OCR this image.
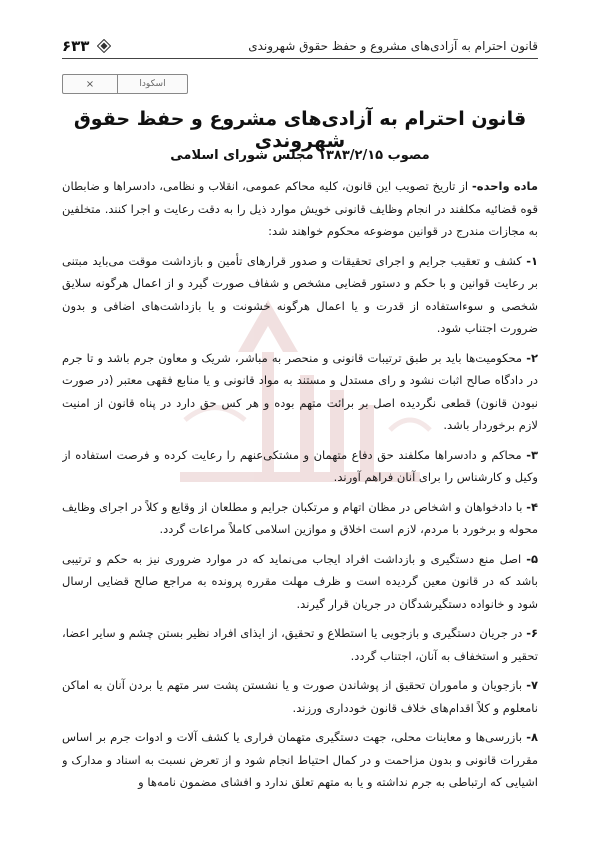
قانون احترام به آزادی‌های مشروع و حفظ حقوق شهروندی
۶۳۳
×	اسکودا
قانون احترام به آزادی‌های مشروع و حفظ حقوق شهروندی
مصوب ۱۳۸۳/۲/۱۵ مجلس شورای اسلامی

ماده واحده- از تاریخ تصویب این قانون، کلیه محاکم عمومی، انقلاب و نظامی، دادسراها و ضابطان قوه قضائیه مکلفند در انجام وظایف قانونی خویش موارد ذیل را به دقت رعایت و اجرا کنند. متخلفین به مجازات مندرج در قوانین موضوعه محکوم خواهند شد:

۱- کشف و تعقیب جرایم و اجرای تحقیقات و صدور قرارهای تأمین و بازداشت موقت می‌باید مبتنی بر رعایت قوانین و با حکم و دستور قضایی مشخص و شفاف صورت گیرد و از اعمال هرگونه سلایق شخصی و سوءاستفاده از قدرت و یا اعمال هرگونه خشونت و یا بازداشت‌های اضافی و بدون ضرورت اجتناب شود.

۲- محکومیت‌ها باید بر طبق ترتیبات قانونی و منحصر به مباشر، شریک و معاون جرم باشد و تا جرم در دادگاه صالح اثبات نشود و رای مستدل و مستند به مواد قانونی و یا منابع فقهی معتبر (در صورت نبودن قانون) قطعی نگردیده اصل بر برائت متهم بوده و هر کس حق دارد در پناه قانون از امنیت لازم برخوردار باشد.

۳- محاکم و دادسراها مکلفند حق دفاع متهمان و مشتکی‌عنهم را رعایت کرده و فرصت استفاده از وکیل و کارشناس را برای آنان فراهم آورند.

۴- با دادخواهان و اشخاص در مظان اتهام و مرتکبان جرایم و مطلعان از وقایع و کلاً در اجرای وظایف محوله و برخورد با مردم، لازم است اخلاق و موازین اسلامی کاملاً مراعات گردد.

۵- اصل منع دستگیری و بازداشت افراد ایجاب می‌نماید که در موارد ضروری نیز به حکم و ترتیبی باشد که در قانون معین گردیده است و ظرف مهلت مقرره پرونده به مراجع صالح قضایی ارسال شود و خانواده دستگیرشدگان در جریان قرار گیرند.

۶- در جریان دستگیری و بازجویی یا استطلاع و تحقیق، از ایذای افراد نظیر بستن چشم و سایر اعضا، تحقیر و استخفاف به آنان، اجتناب گردد.

۷- بازجویان و ماموران تحقیق از پوشاندن صورت و یا نشستن پشت سر متهم یا بردن آنان به اماکن نامعلوم و کلاً اقدام‌های خلاف قانون خودداری ورزند.

۸- بازرسی‌ها و معاینات محلی، جهت دستگیری متهمان فراری یا کشف آلات و ادوات جرم بر اساس مقررات قانونی و بدون مزاحمت و در کمال احتیاط انجام شود و از تعرض نسبت به اسناد و مدارک و اشیایی که ارتباطی به جرم نداشته و یا به متهم تعلق ندارد و افشای مضمون نامه‌ها و
